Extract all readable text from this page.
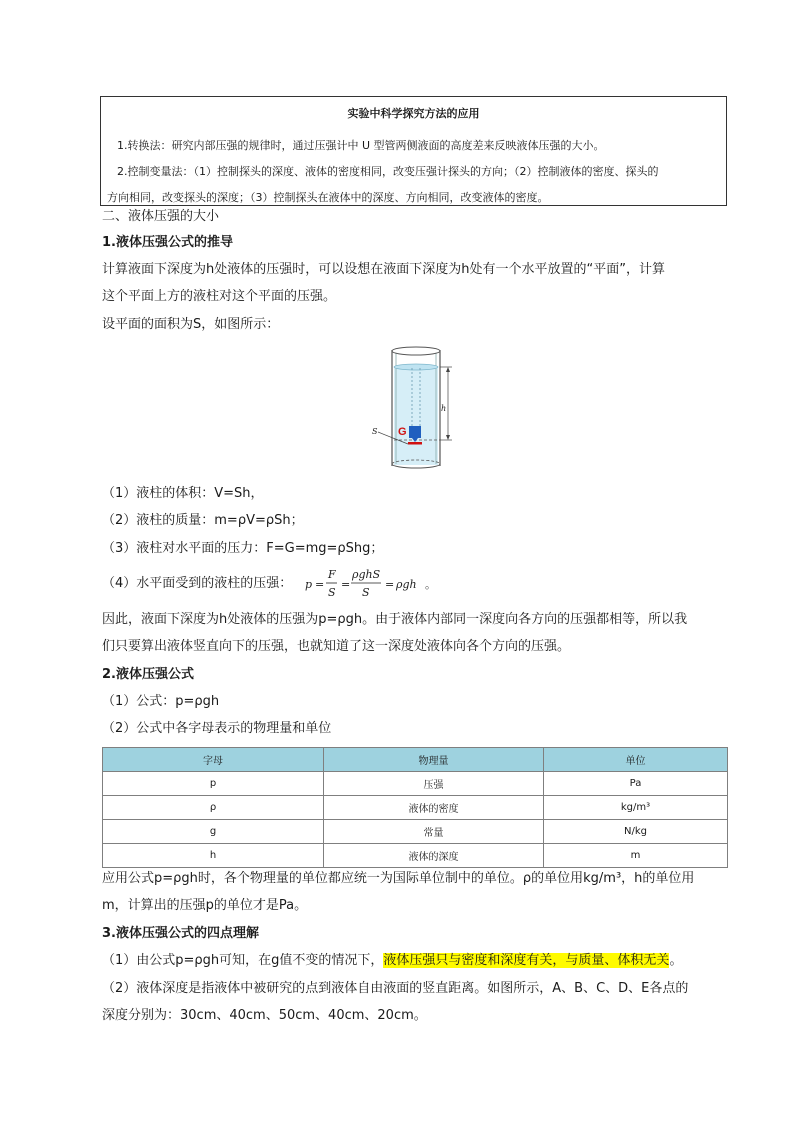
实验中科学探究方法的应用
1.转换法：研究内部压强的规律时，通过压强计中 U 型管两侧液面的高度差来反映液体压强的大小。
2.控制变量法：（1）控制探头的深度、液体的密度相同，改变压强计探头的方向；（2）控制液体的密度、探头的
方向相同，改变探头的深度；（3）控制探头在液体中的深度、方向相同，改变液体的密度。
二、液体压强的大小
1.液体压强公式的推导
计算液面下深度为h处液体的压强时，可以设想在液面下深度为h处有一个水平放置的“平面”，计算
这个平面上方的液柱对这个平面的压强。
设平面的面积为S，如图所示：
h
G
S
（1）液柱的体积：V=Sh，
（2）液柱的质量：m=ρV=ρSh；
（3）液柱对水平面的压力：F=G=mg=ρShg；
（4）水平面受到的液柱的压强： p =
F
S
=
ρghS
S
= ρgh 。
因此，液面下深度为h处液体的压强为p=ρgh。由于液体内部同一深度向各方向的压强都相等，所以我
们只要算出液体竖直向下的压强，也就知道了这一深度处液体向各个方向的压强。
2.液体压强公式
（1）公式：p=ρgh
（2）公式中各字母表示的物理量和单位
字母	物理量	单位
p	压强	Pa
ρ	液体的密度	kg/m³
g	常量	N/kg
h	液体的深度	m
应用公式p=ρgh时，各个物理量的单位都应统一为国际单位制中的单位。ρ的单位用kg/m³，h的单位用
m，计算出的压强p的单位才是Pa。
3.液体压强公式的四点理解
（1）由公式p=ρgh可知，在g值不变的情况下，液体压强只与密度和深度有关，与质量、体积无关。
（2）液体深度是指液体中被研究的点到液体自由液面的竖直距离。如图所示，A、B、C、D、E各点的
深度分别为：30cm、40cm、50cm、40cm、20cm。
